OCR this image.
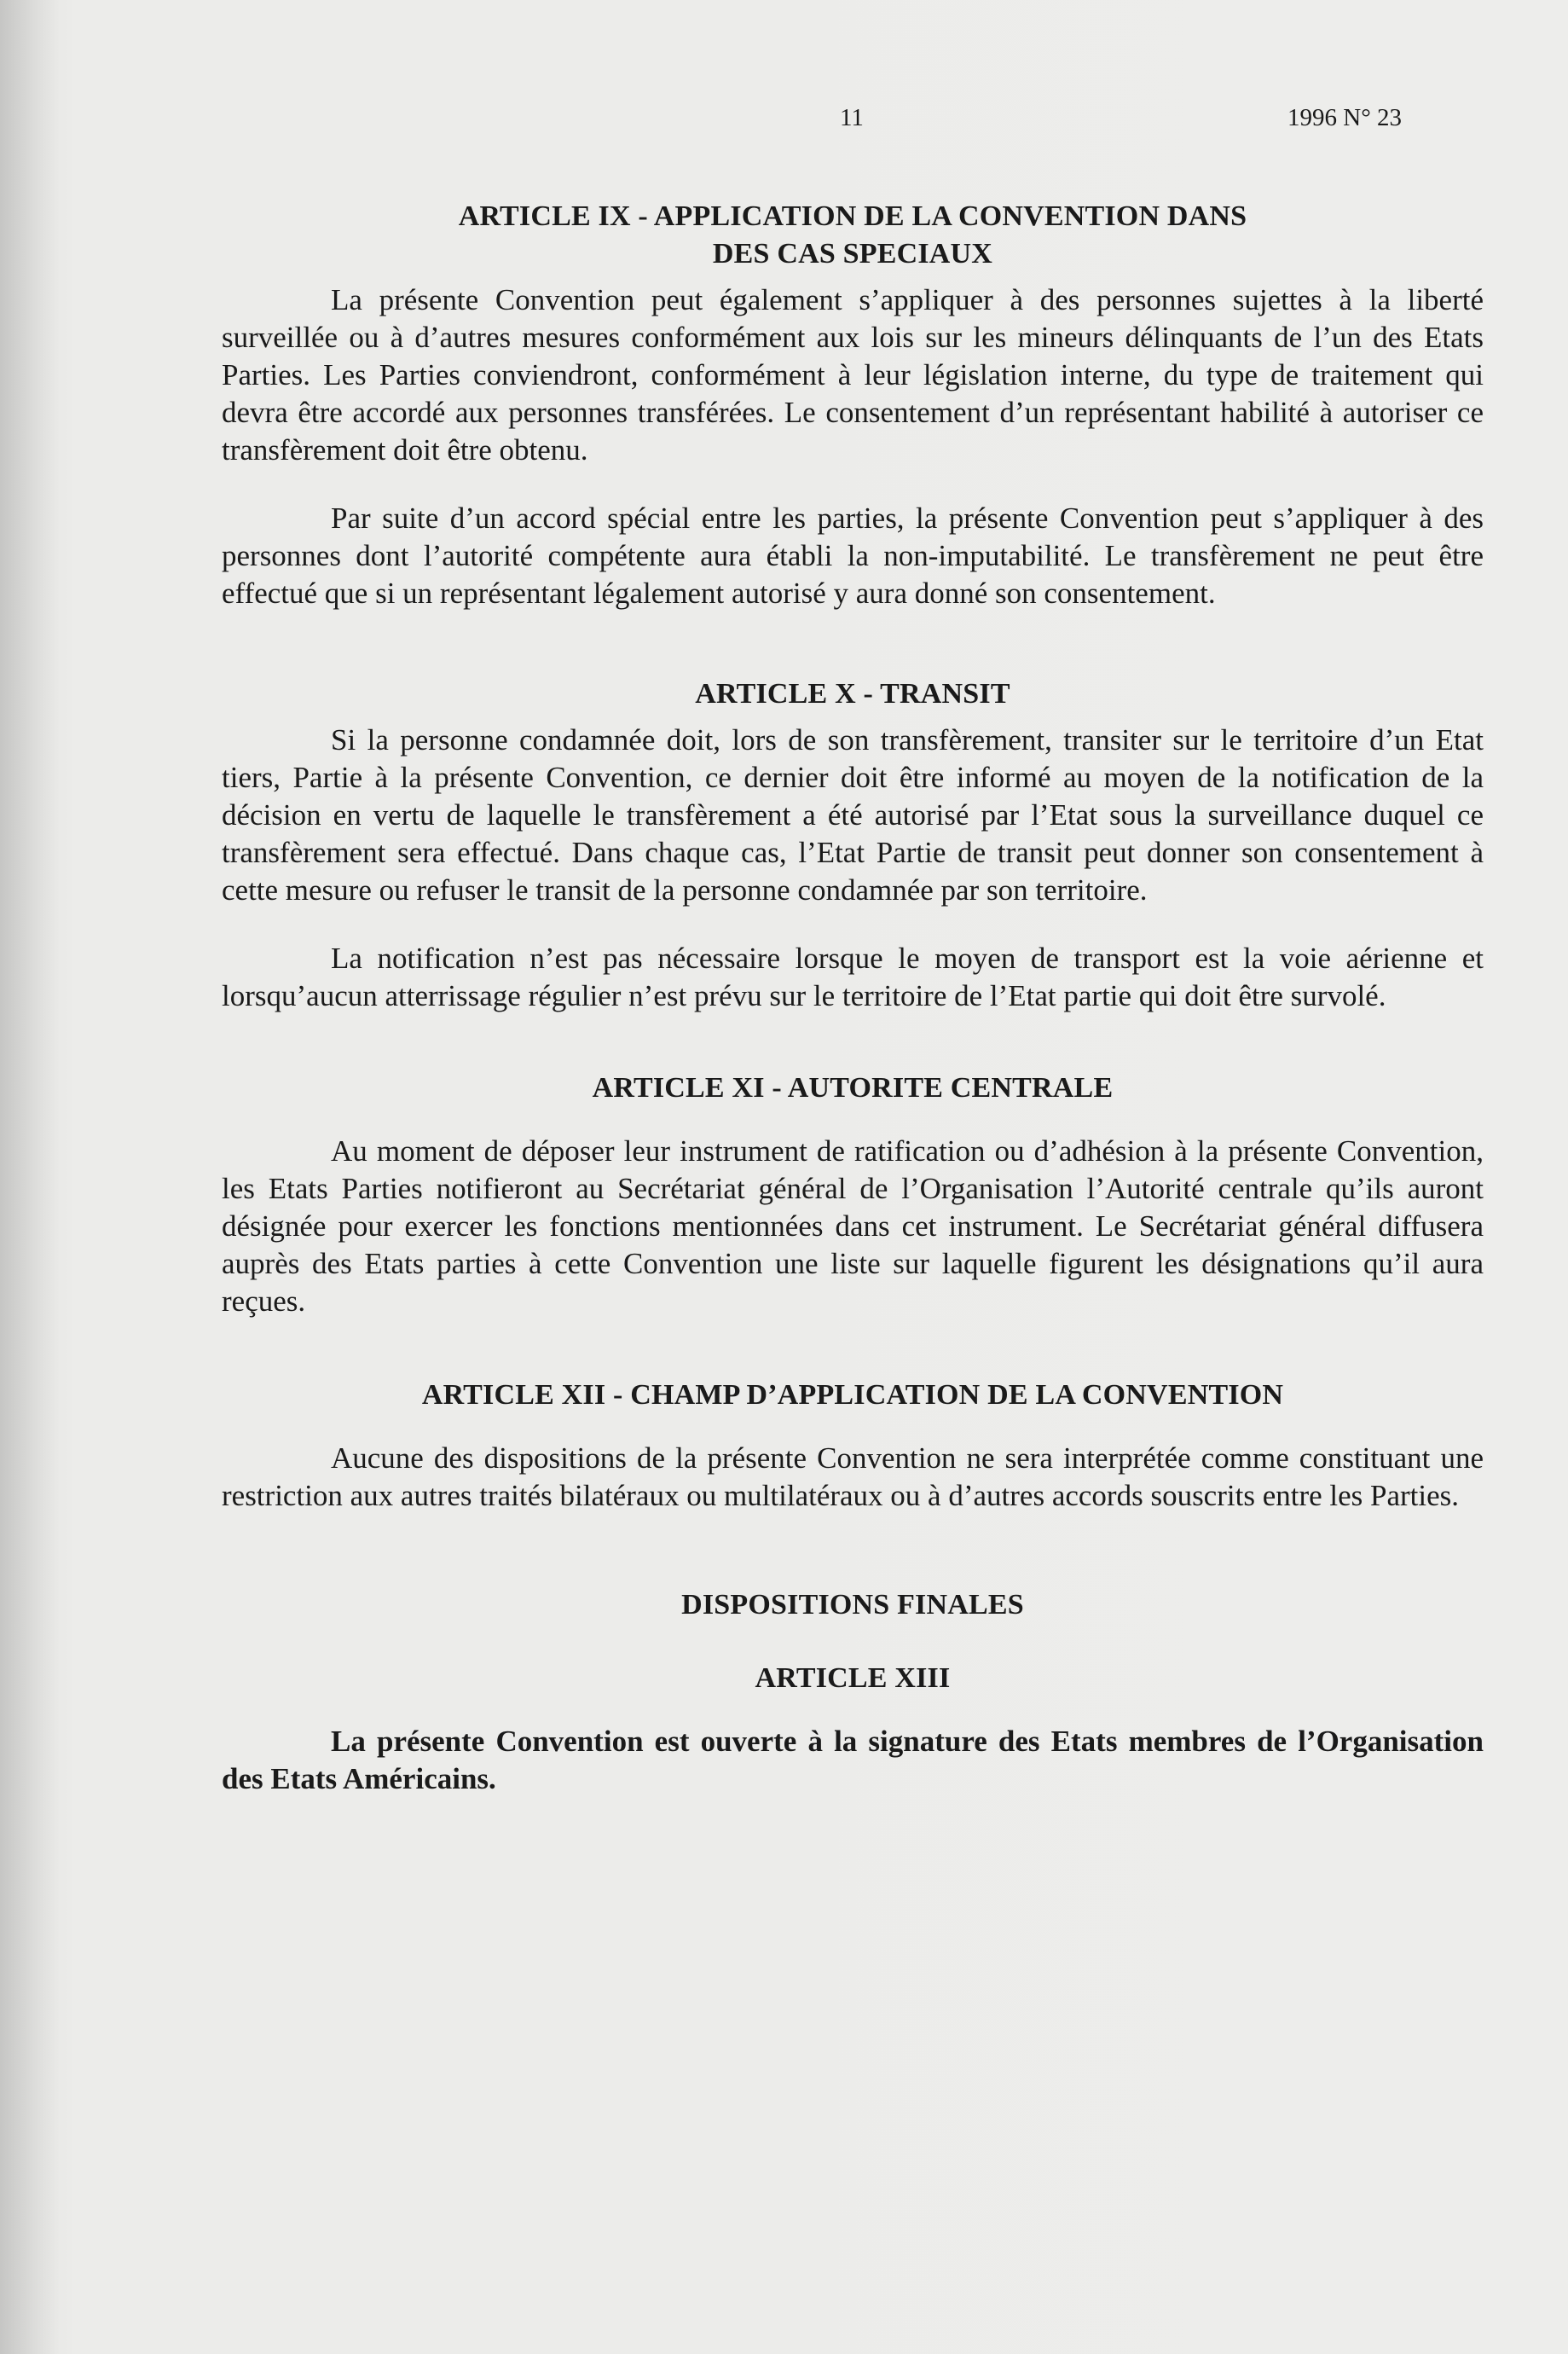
11	1996 N° 23
ARTICLE IX - APPLICATION DE LA CONVENTION DANS
DES CAS SPECIAUX

La présente Convention peut également s’appliquer à des personnes sujettes à la liberté surveillée ou à d’autres mesures conformément aux lois sur les mineurs délinquants de l’un des Etats Parties. Les Parties conviendront, conformément à leur législation interne, du type de traitement qui devra être accordé aux personnes transférées. Le consentement d’un représentant habilité à autoriser ce transfèrement doit être obtenu.

Par suite d’un accord spécial entre les parties, la présente Convention peut s’appliquer à des personnes dont l’autorité compétente aura établi la non-imputabilité. Le transfèrement ne peut être effectué que si un représentant légalement autorisé y aura donné son consentement.

ARTICLE X - TRANSIT

Si la personne condamnée doit, lors de son transfèrement, transiter sur le territoire d’un Etat tiers, Partie à la présente Convention, ce dernier doit être informé au moyen de la notification de la décision en vertu de laquelle le transfèrement a été autorisé par l’Etat sous la surveillance duquel ce transfèrement sera effectué. Dans chaque cas, l’Etat Partie de transit peut donner son consentement à cette mesure ou refuser le transit de la personne condamnée par son territoire.

La notification n’est pas nécessaire lorsque le moyen de transport est la voie aérienne et lorsqu’aucun atterrissage régulier n’est prévu sur le territoire de l’Etat partie qui doit être survolé.

ARTICLE XI - AUTORITE CENTRALE

Au moment de déposer leur instrument de ratification ou d’adhésion à la présente Convention, les Etats Parties notifieront au Secrétariat général de l’Organisation l’Autorité centrale qu’ils auront désignée pour exercer les fonctions mentionnées dans cet instrument. Le Secrétariat général diffusera auprès des Etats parties à cette Convention une liste sur laquelle figurent les désignations qu’il aura reçues.

ARTICLE XII - CHAMP D’APPLICATION DE LA CONVENTION

Aucune des dispositions de la présente Convention ne sera interprétée comme constituant une restriction aux autres traités bilatéraux ou multilatéraux ou à d’autres accords souscrits entre les Parties.

DISPOSITIONS FINALES
ARTICLE XIII

La présente Convention est ouverte à la signature des Etats membres de l’Organisation des Etats Américains.
